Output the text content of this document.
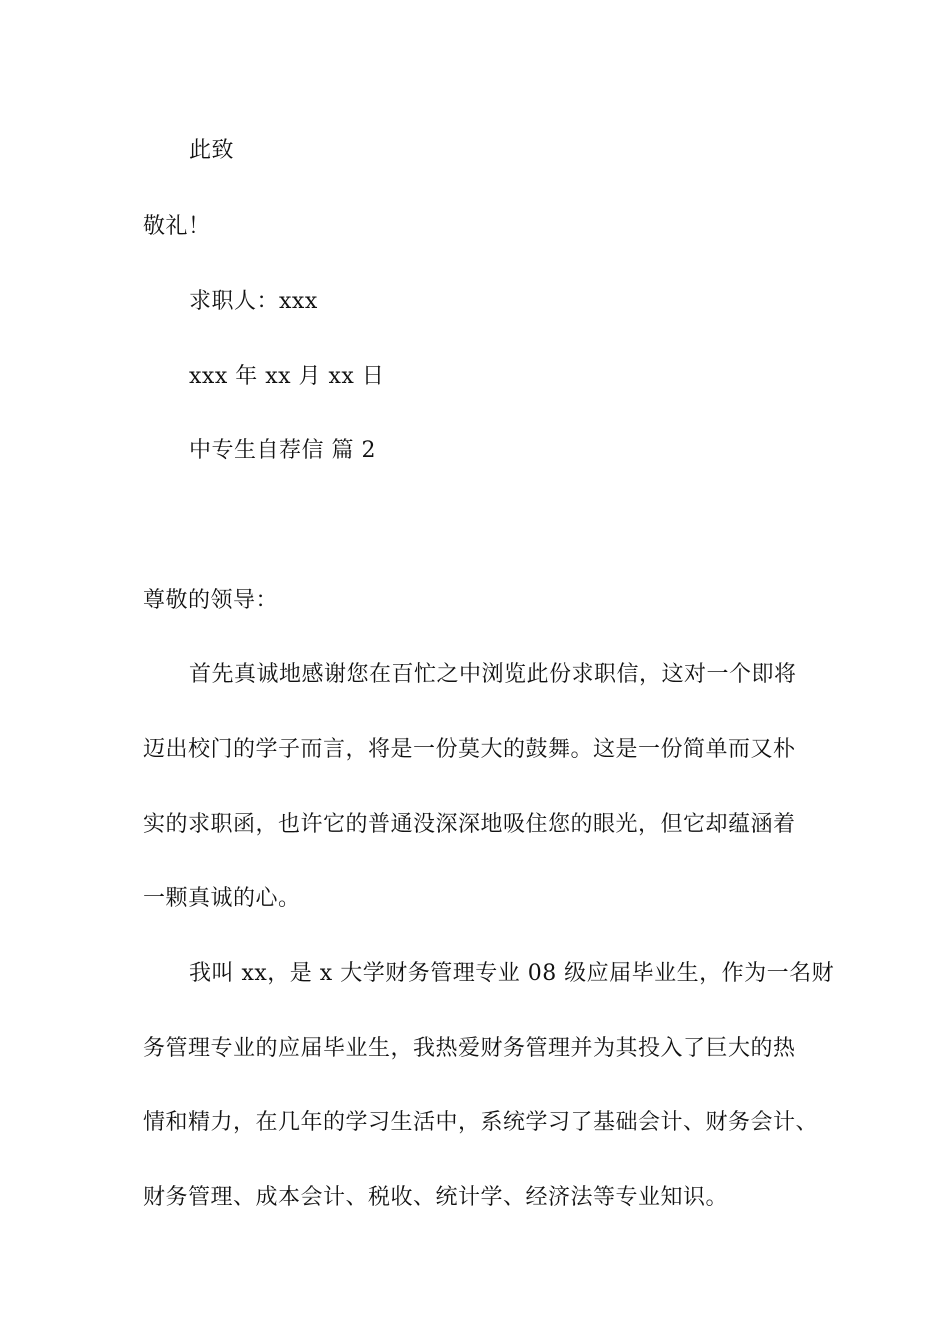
此致
敬礼！
求职人：xxx
xxx 年 xx 月 xx 日
中专生自荐信 篇 2
尊敬的领导：
首先真诚地感谢您在百忙之中浏览此份求职信，这对一个即将
迈出校门的学子而言，将是一份莫大的鼓舞。这是一份简单而又朴
实的求职函，也许它的普通没深深地吸住您的眼光，但它却蕴涵着
一颗真诚的心。
我叫 xx，是 x 大学财务管理专业 08 级应届毕业生，作为一名财
务管理专业的应届毕业生，我热爱财务管理并为其投入了巨大的热
情和精力，在几年的学习生活中，系统学习了基础会计、财务会计、
财务管理、成本会计、税收、统计学、经济法等专业知识。
